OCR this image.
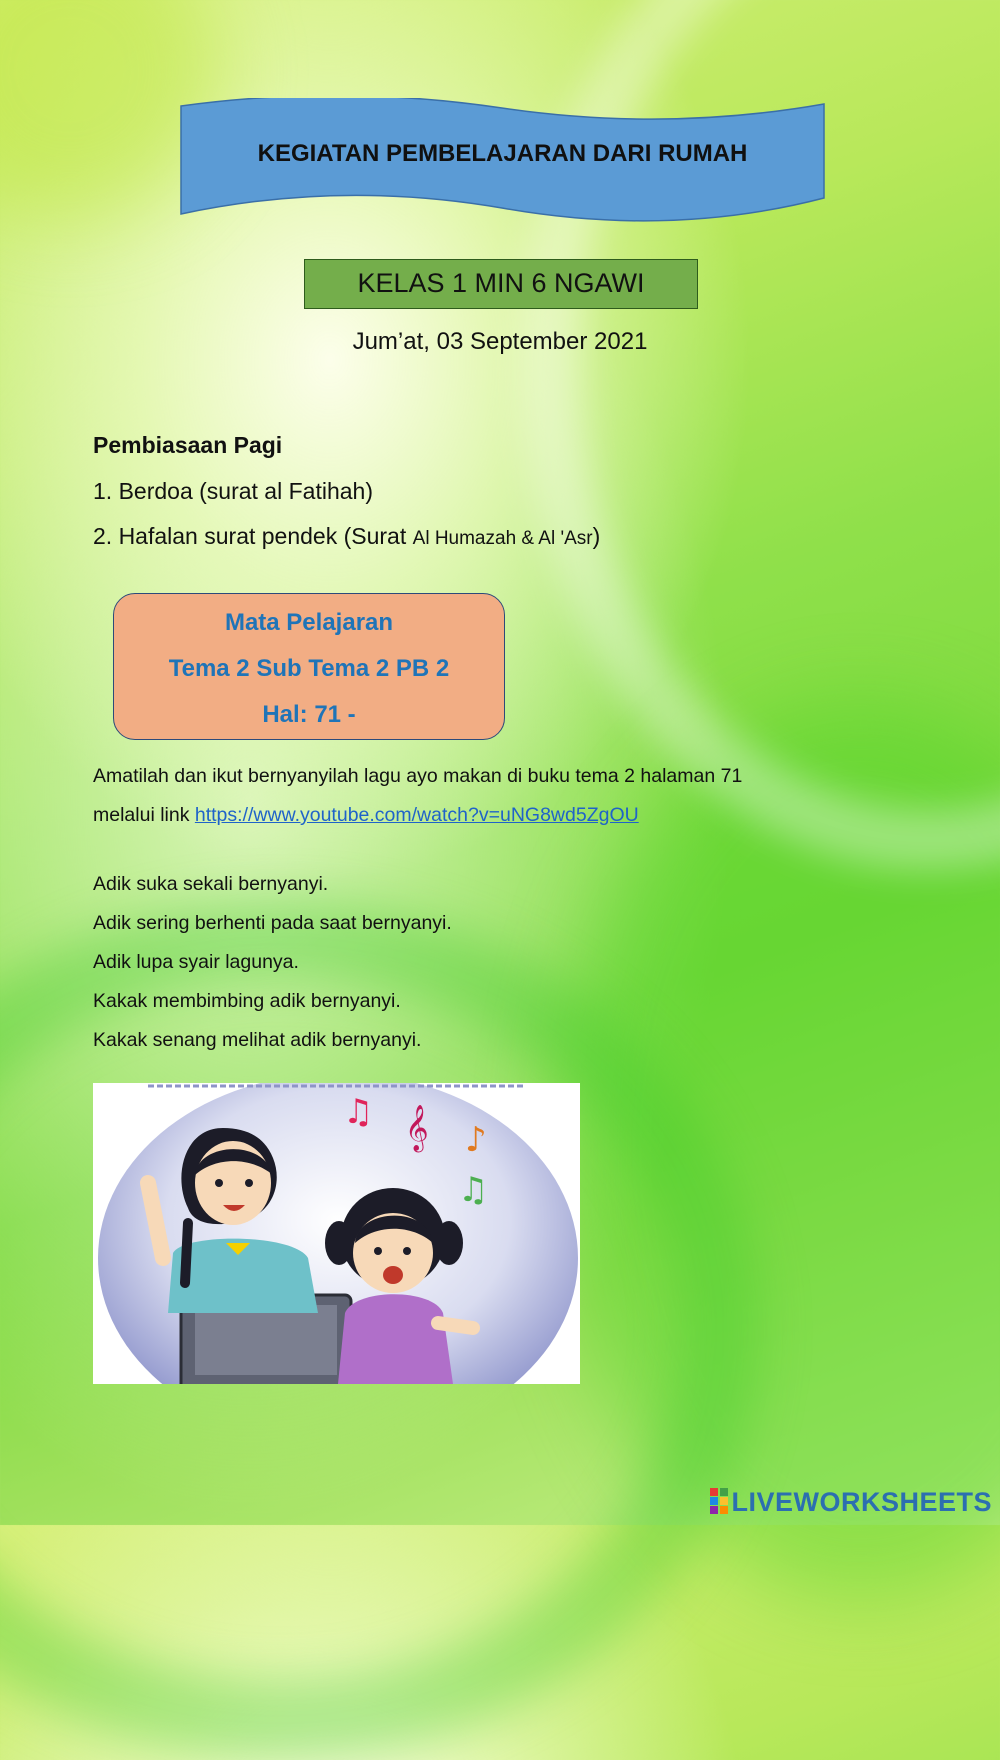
KEGIATAN PEMBELAJARAN DARI RUMAH
KELAS 1 MIN 6 NGAWI
Jum’at, 03 September 2021
Pembiasaan Pagi
1. Berdoa (surat al Fatihah)
2. Hafalan surat pendek (Surat Al Humazah & Al 'Asr)
Mata Pelajaran
Tema 2 Sub Tema 2 PB 2
Hal: 71 -
Amatilah dan ikut bernyanyilah lagu ayo makan di buku tema 2 halaman 71
melalui link https://www.youtube.com/watch?v=uNG8wd5ZgOU
Adik suka sekali bernyanyi.
Adik sering berhenti pada saat bernyanyi.
Adik lupa syair lagunya.
Kakak membimbing adik bernyanyi.
Kakak senang melihat adik bernyanyi.
♫ 𝄞 ♪
♫
LIVEWORKSHEETS
